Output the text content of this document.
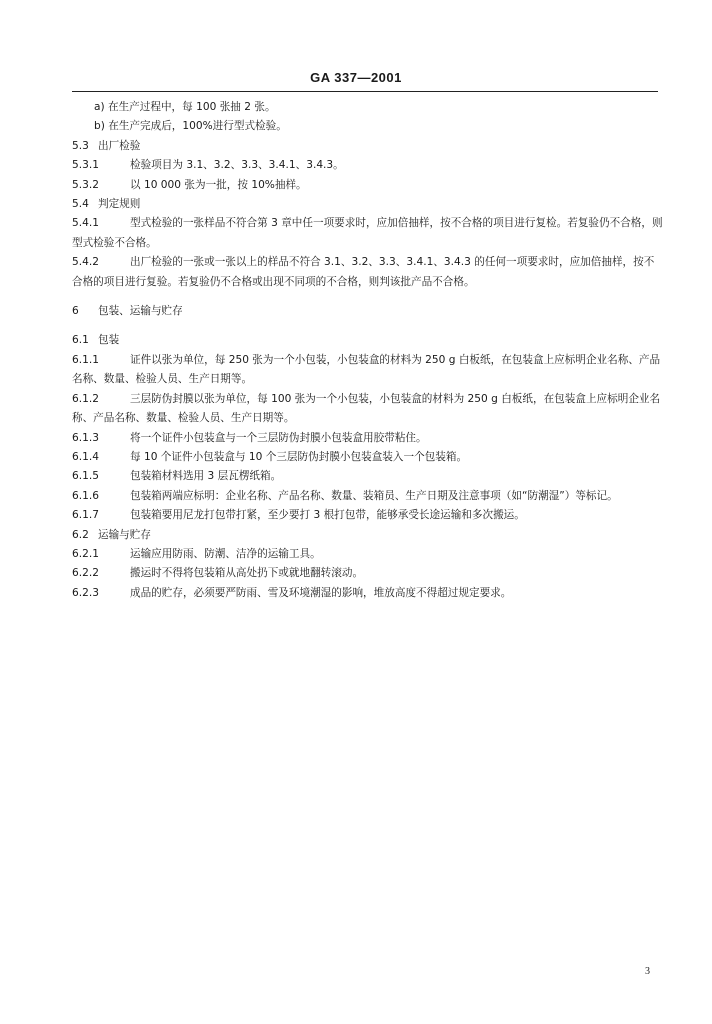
GA 337—2001

a) 在生产过程中，每 100 张抽 2 张。

b) 在生产完成后，100%进行型式检验。

5.3 出厂检验

5.3.1	检验项目为 3.1、3.2、3.3、3.4.1、3.4.3。

5.3.2	以 10 000 张为一批，按 10%抽样。

5.4 判定规则

5.4.1	型式检验的一张样品不符合第 3 章中任一项要求时，应加倍抽样，按不合格的项目进行复检。若复验仍不合格，则型式检验不合格。

5.4.2	出厂检验的一张或一张以上的样品不符合 3.1、3.2、3.3、3.4.1、3.4.3 的任何一项要求时，应加倍抽样，按不合格的项目进行复验。若复验仍不合格或出现不同项的不合格，则判该批产品不合格。

6 包装、运输与贮存

6.1 包装

6.1.1	证件以张为单位，每 250 张为一个小包装，小包装盒的材料为 250 g 白板纸，在包装盒上应标明企业名称、产品名称、数量、检验人员、生产日期等。

6.1.2	三层防伪封膜以张为单位，每 100 张为一个小包装，小包装盒的材料为 250 g 白板纸，在包装盒上应标明企业名称、产品名称、数量、检验人员、生产日期等。

6.1.3	将一个证件小包装盒与一个三层防伪封膜小包装盒用胶带粘住。

6.1.4	每 10 个证件小包装盒与 10 个三层防伪封膜小包装盒装入一个包装箱。

6.1.5	包装箱材料选用 3 层瓦楞纸箱。

6.1.6	包装箱两端应标明：企业名称、产品名称、数量、装箱员、生产日期及注意事项（如“防潮湿”）等标记。

6.1.7	包装箱要用尼龙打包带打紧，至少要打 3 根打包带，能够承受长途运输和多次搬运。

6.2 运输与贮存

6.2.1	运输应用防雨、防潮、洁净的运输工具。

6.2.2	搬运时不得将包装箱从高处扔下或就地翻转滚动。

6.2.3	成品的贮存，必须要严防雨、雪及环境潮湿的影响，堆放高度不得超过规定要求。

3
